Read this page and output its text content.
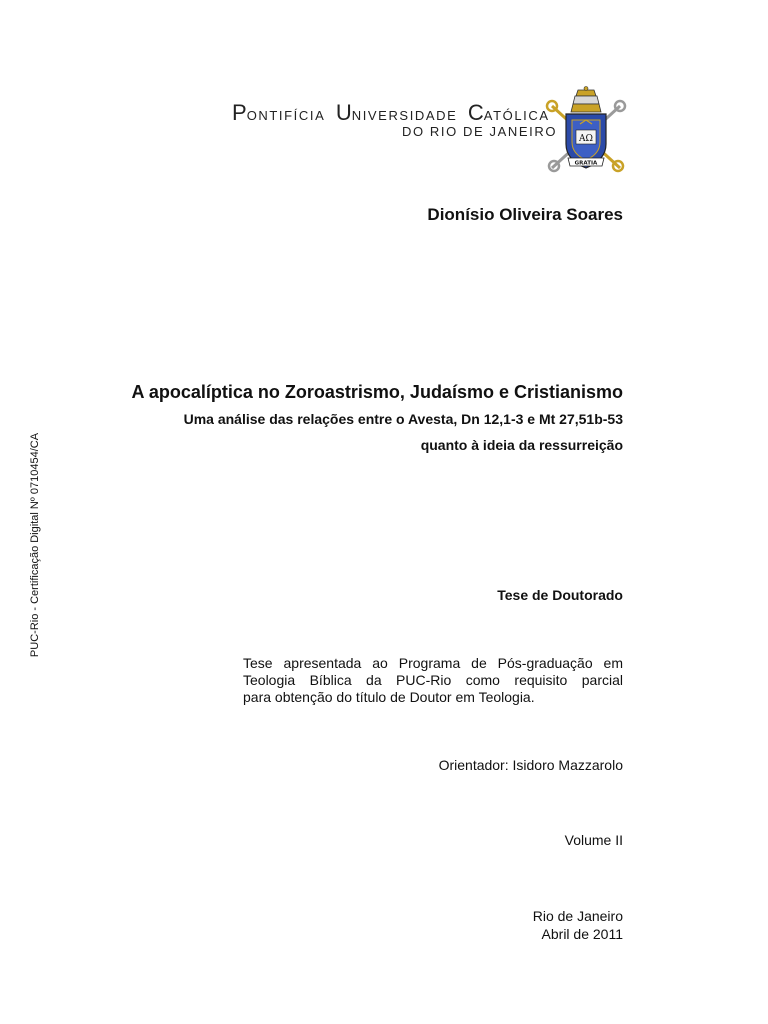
PONTIFÍCIA UNIVERSIDADE CATÓLICA
DO RIO DE JANEIRO AΩ
GRATIA
Dionísio Oliveira Soares
A apocalíptica no Zoroastrismo, Judaísmo e Cristianismo
Uma análise das relações entre o Avesta, Dn 12,1-3 e Mt 27,51b-53
quanto à ideia da ressurreição
PUC-Rio - Certificação Digital Nº 0710454/CA	Tese de Doutorado
Tese apresentada ao Programa de Pós-graduação em
Teologia Bíblica da PUC-Rio como requisito parcial
para obtenção do título de Doutor em Teologia.
Orientador: Isidoro Mazzarolo
Volume II
Rio de Janeiro
Abril de 2011
